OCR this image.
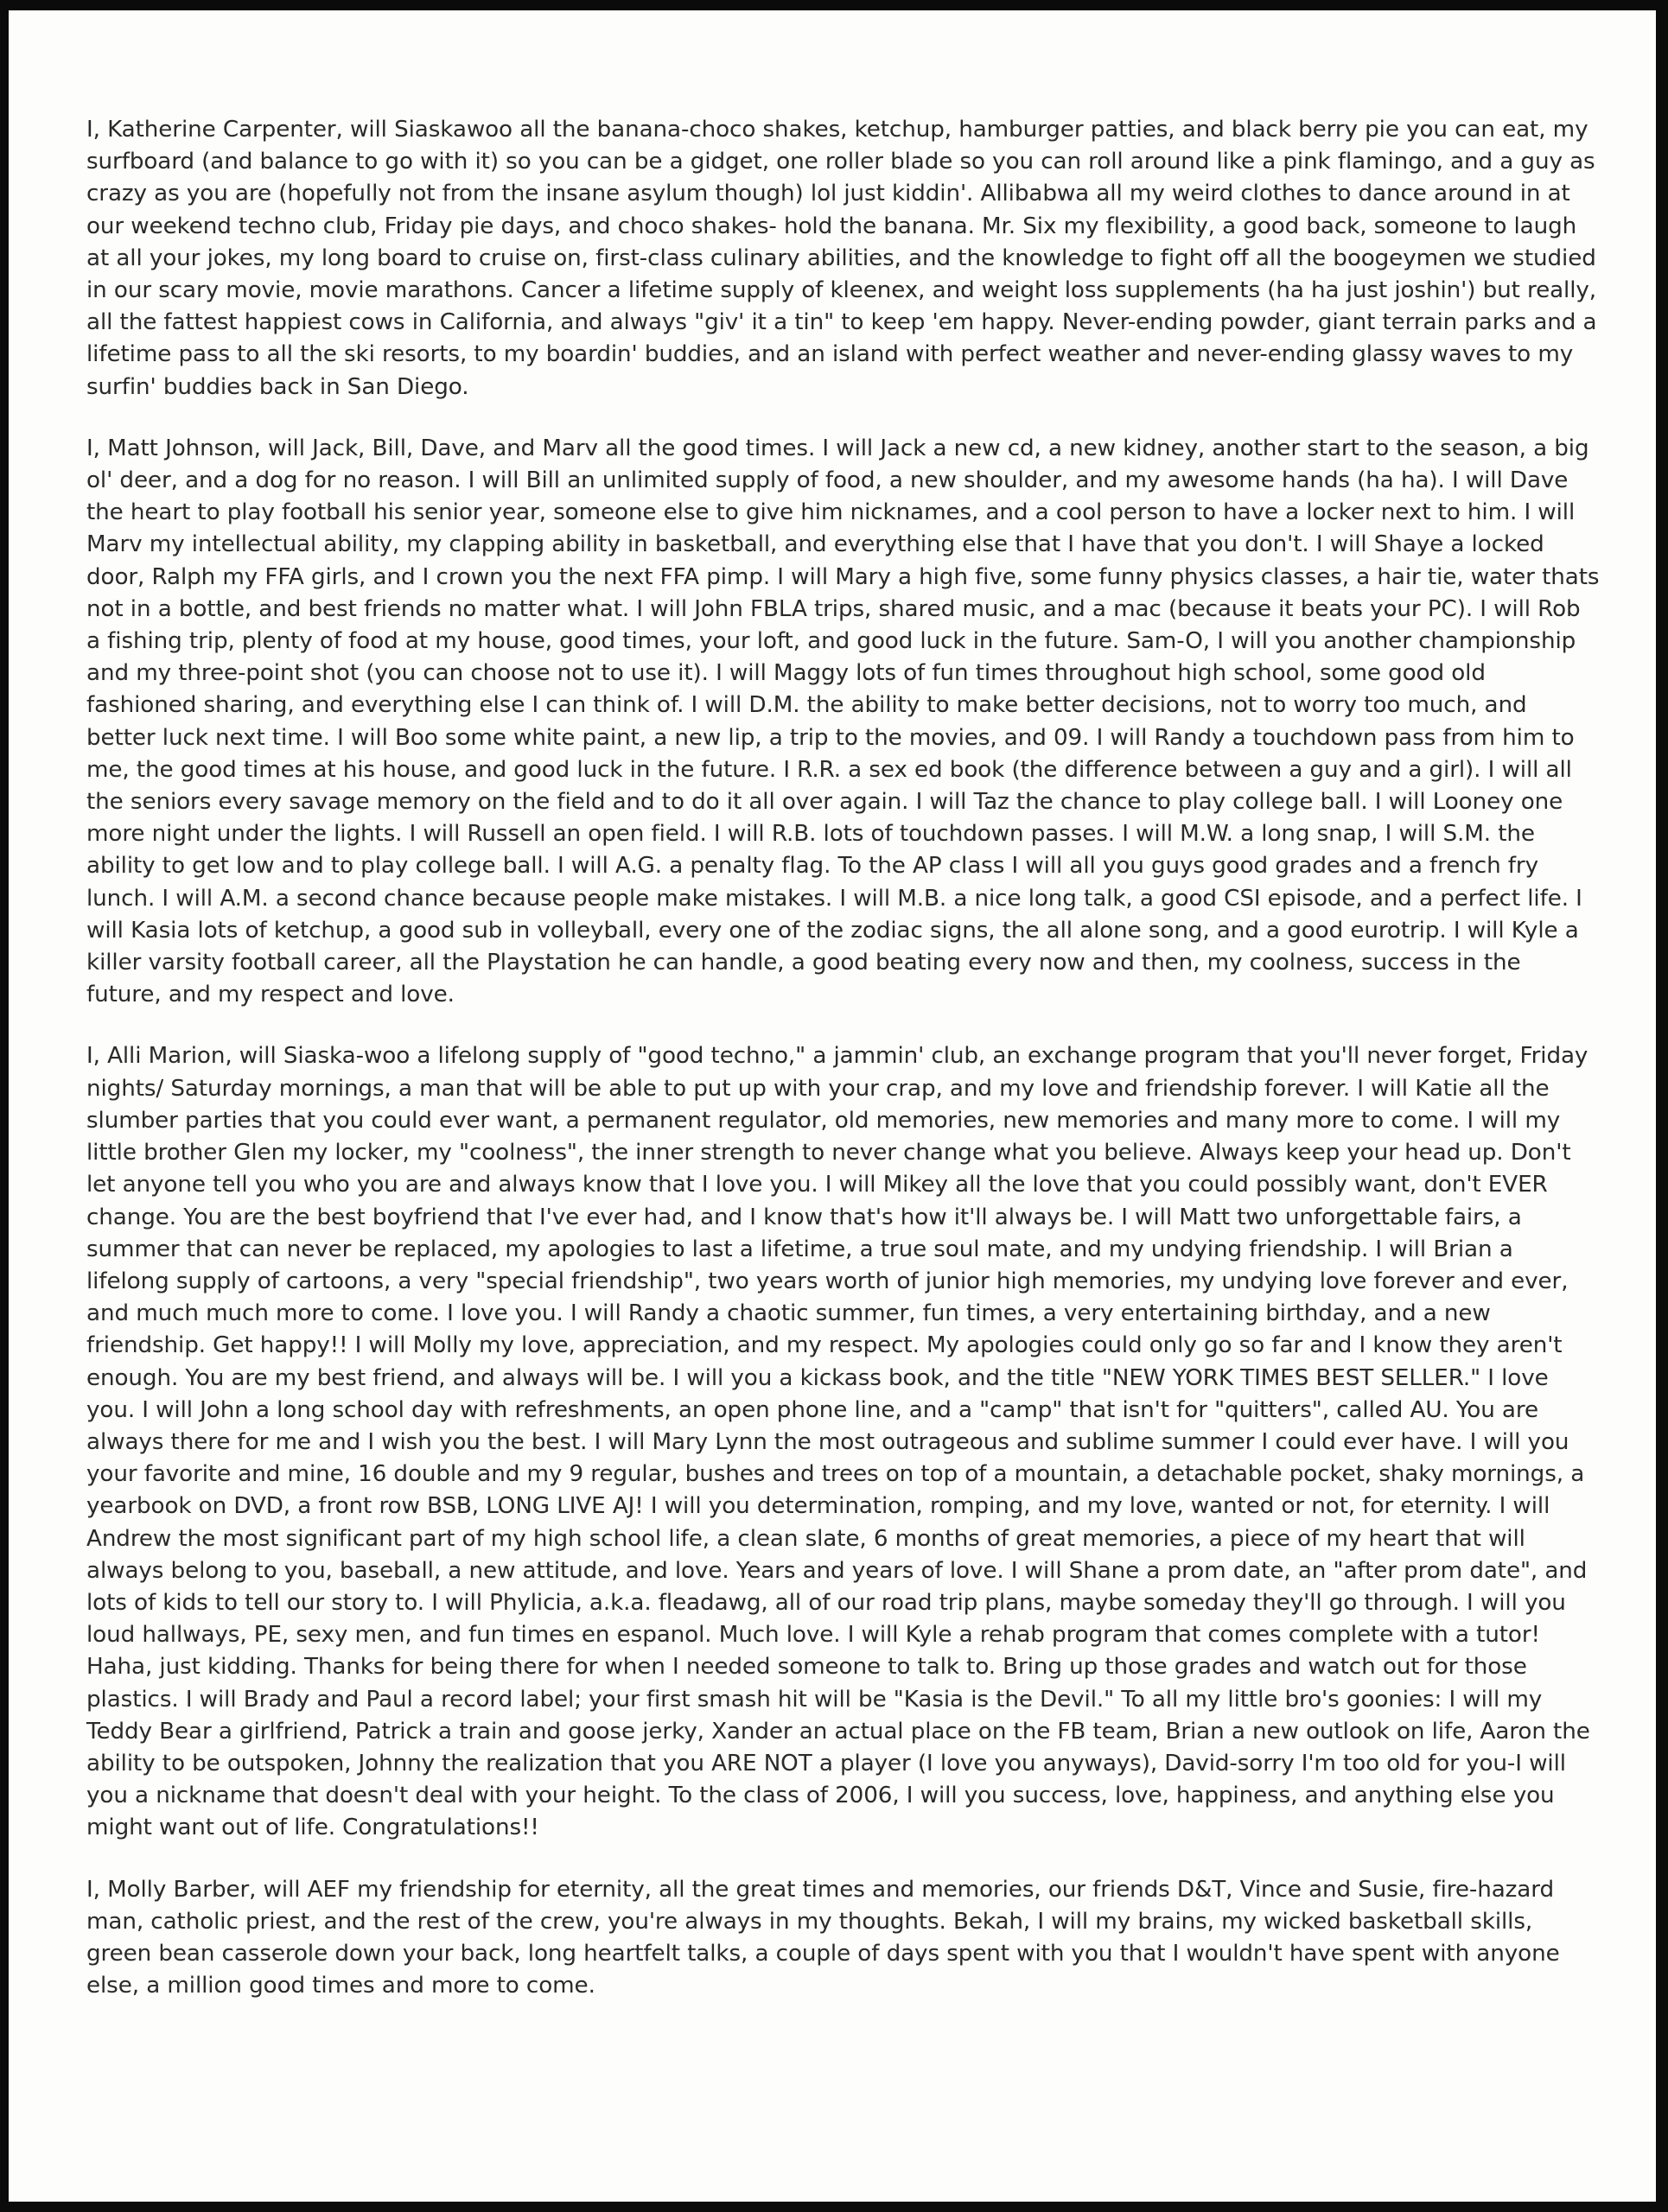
I, Katherine Carpenter, will Siaskawoo all the banana-choco shakes, ketchup, hamburger patties, and black berry pie you can eat, my surfboard (and balance to go with it) so you can be a gidget, one roller blade so you can roll around like a pink flamingo, and a guy as crazy as you are (hopefully not from the insane asylum though) lol just kiddin'. Allibabwa all my weird clothes to dance around in at our weekend techno club, Friday pie days, and choco shakes- hold the banana. Mr. Six my flexibility, a good back, someone to laugh at all your jokes, my long board to cruise on, first-class culinary abilities, and the knowledge to fight off all the boogeymen we studied in our scary movie, movie marathons. Cancer a lifetime supply of kleenex, and weight loss supplements (ha ha just joshin') but really, all the fattest happiest cows in California, and always "giv' it a tin" to keep 'em happy. Never-ending powder, giant terrain parks and a lifetime pass to all the ski resorts, to my boardin' buddies, and an island with perfect weather and never-ending glassy waves to my surfin' buddies back in San Diego.

I, Matt Johnson, will Jack, Bill, Dave, and Marv all the good times. I will Jack a new cd, a new kidney, another start to the season, a big ol' deer, and a dog for no reason. I will Bill an unlimited supply of food, a new shoulder, and my awesome hands (ha ha). I will Dave the heart to play football his senior year, someone else to give him nicknames, and a cool person to have a locker next to him. I will Marv my intellectual ability, my clapping ability in basketball, and everything else that I have that you don't. I will Shaye a locked door, Ralph my FFA girls, and I crown you the next FFA pimp. I will Mary a high five, some funny physics classes, a hair tie, water thats not in a bottle, and best friends no matter what. I will John FBLA trips, shared music, and a mac (because it beats your PC). I will Rob a fishing trip, plenty of food at my house, good times, your loft, and good luck in the future. Sam-O, I will you another championship and my three-point shot (you can choose not to use it). I will Maggy lots of fun times throughout high school, some good old fashioned sharing, and everything else I can think of. I will D.M. the ability to make better decisions, not to worry too much, and better luck next time. I will Boo some white paint, a new lip, a trip to the movies, and 09. I will Randy a touchdown pass from him to me, the good times at his house, and good luck in the future. I R.R. a sex ed book (the difference between a guy and a girl). I will all the seniors every savage memory on the field and to do it all over again. I will Taz the chance to play college ball. I will Looney one more night under the lights. I will Russell an open field. I will R.B. lots of touchdown passes. I will M.W. a long snap, I will S.M. the ability to get low and to play college ball. I will A.G. a penalty flag. To the AP class I will all you guys good grades and a french fry lunch. I will A.M. a second chance because people make mistakes. I will M.B. a nice long talk, a good CSI episode, and a perfect life. I will Kasia lots of ketchup, a good sub in volleyball, every one of the zodiac signs, the all alone song, and a good eurotrip. I will Kyle a killer varsity football career, all the Playstation he can handle, a good beating every now and then, my coolness, success in the future, and my respect and love.

I, Alli Marion, will Siaska-woo a lifelong supply of "good techno," a jammin' club, an exchange program that you'll never forget, Friday nights/ Saturday mornings, a man that will be able to put up with your crap, and my love and friendship forever. I will Katie all the slumber parties that you could ever want, a permanent regulator, old memories, new memories and many more to come. I will my little brother Glen my locker, my "coolness", the inner strength to never change what you believe. Always keep your head up. Don't let anyone tell you who you are and always know that I love you. I will Mikey all the love that you could possibly want, don't EVER change. You are the best boyfriend that I've ever had, and I know that's how it'll always be. I will Matt two unforgettable fairs, a summer that can never be replaced, my apologies to last a lifetime, a true soul mate, and my undying friendship. I will Brian a lifelong supply of cartoons, a very "special friendship", two years worth of junior high memories, my undying love forever and ever, and much much more to come. I love you. I will Randy a chaotic summer, fun times, a very entertaining birthday, and a new friendship. Get happy!! I will Molly my love, appreciation, and my respect. My apologies could only go so far and I know they aren't enough. You are my best friend, and always will be. I will you a kickass book, and the title "NEW YORK TIMES BEST SELLER." I love you. I will John a long school day with refreshments, an open phone line, and a "camp" that isn't for "quitters", called AU. You are always there for me and I wish you the best. I will Mary Lynn the most outrageous and sublime summer I could ever have. I will you your favorite and mine, 16 double and my 9 regular, bushes and trees on top of a mountain, a detachable pocket, shaky mornings, a yearbook on DVD, a front row BSB, LONG LIVE AJ! I will you determination, romping, and my love, wanted or not, for eternity. I will Andrew the most significant part of my high school life, a clean slate, 6 months of great memories, a piece of my heart that will always belong to you, baseball, a new attitude, and love. Years and years of love. I will Shane a prom date, an "after prom date", and lots of kids to tell our story to. I will Phylicia, a.k.a. fleadawg, all of our road trip plans, maybe someday they'll go through. I will you loud hallways, PE, sexy men, and fun times en espanol. Much love. I will Kyle a rehab program that comes complete with a tutor! Haha, just kidding. Thanks for being there for when I needed someone to talk to. Bring up those grades and watch out for those plastics. I will Brady and Paul a record label; your first smash hit will be "Kasia is the Devil." To all my little bro's goonies: I will my Teddy Bear a girlfriend, Patrick a train and goose jerky, Xander an actual place on the FB team, Brian a new outlook on life, Aaron the ability to be outspoken, Johnny the realization that you ARE NOT a player (I love you anyways), David-sorry I'm too old for you-I will you a nickname that doesn't deal with your height. To the class of 2006, I will you success, love, happiness, and anything else you might want out of life. Congratulations!!

I, Molly Barber, will AEF my friendship for eternity, all the great times and memories, our friends D&T, Vince and Susie, fire-hazard man, catholic priest, and the rest of the crew, you're always in my thoughts. Bekah, I will my brains, my wicked basketball skills, green bean casserole down your back, long heartfelt talks, a couple of days spent with you that I wouldn't have spent with anyone else, a million good times and more to come.
